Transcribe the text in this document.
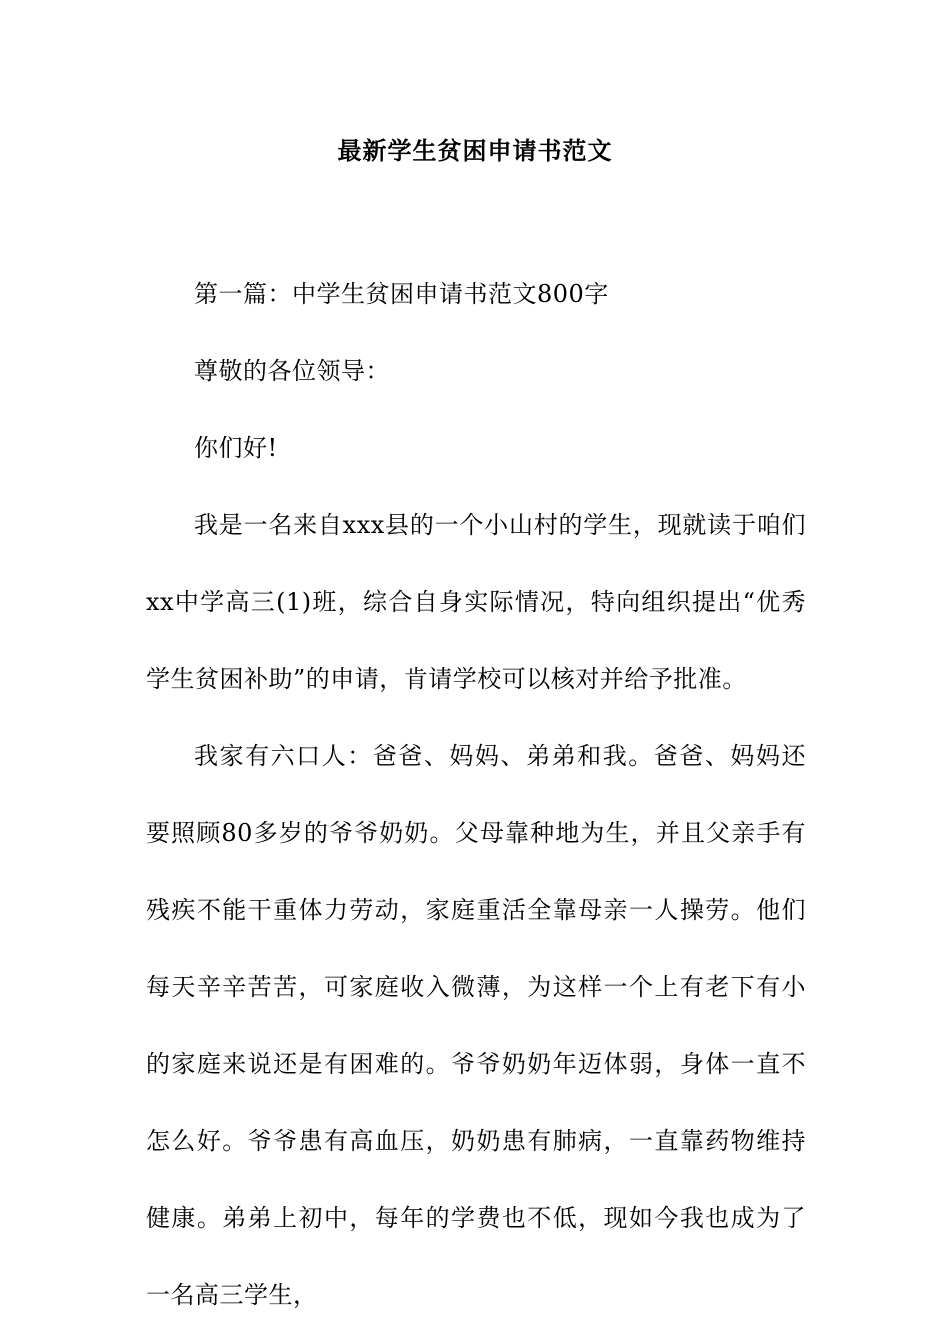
最新学生贫困申请书范文

第一篇：中学生贫困申请书范文800字

尊敬的各位领导：

你们好!

我是一名来自xxx县的一个小山村的学生，现就读于咱们xx中学高三(1)班，综合自身实际情况，特向组织提出“优秀学生贫困补助”的申请，肯请学校可以核对并给予批准。

我家有六口人：爸爸、妈妈、弟弟和我。爸爸、妈妈还要照顾80多岁的爷爷奶奶。父母靠种地为生，并且父亲手有残疾不能干重体力劳动，家庭重活全靠母亲一人操劳。他们每天辛辛苦苦，可家庭收入微薄，为这样一个上有老下有小的家庭来说还是有困难的。爷爷奶奶年迈体弱，身体一直不怎么好。爷爷患有高血压，奶奶患有肺病，一直靠药物维持健康。弟弟上初中，每年的学费也不低，现如今我也成为了一名高三学生，
